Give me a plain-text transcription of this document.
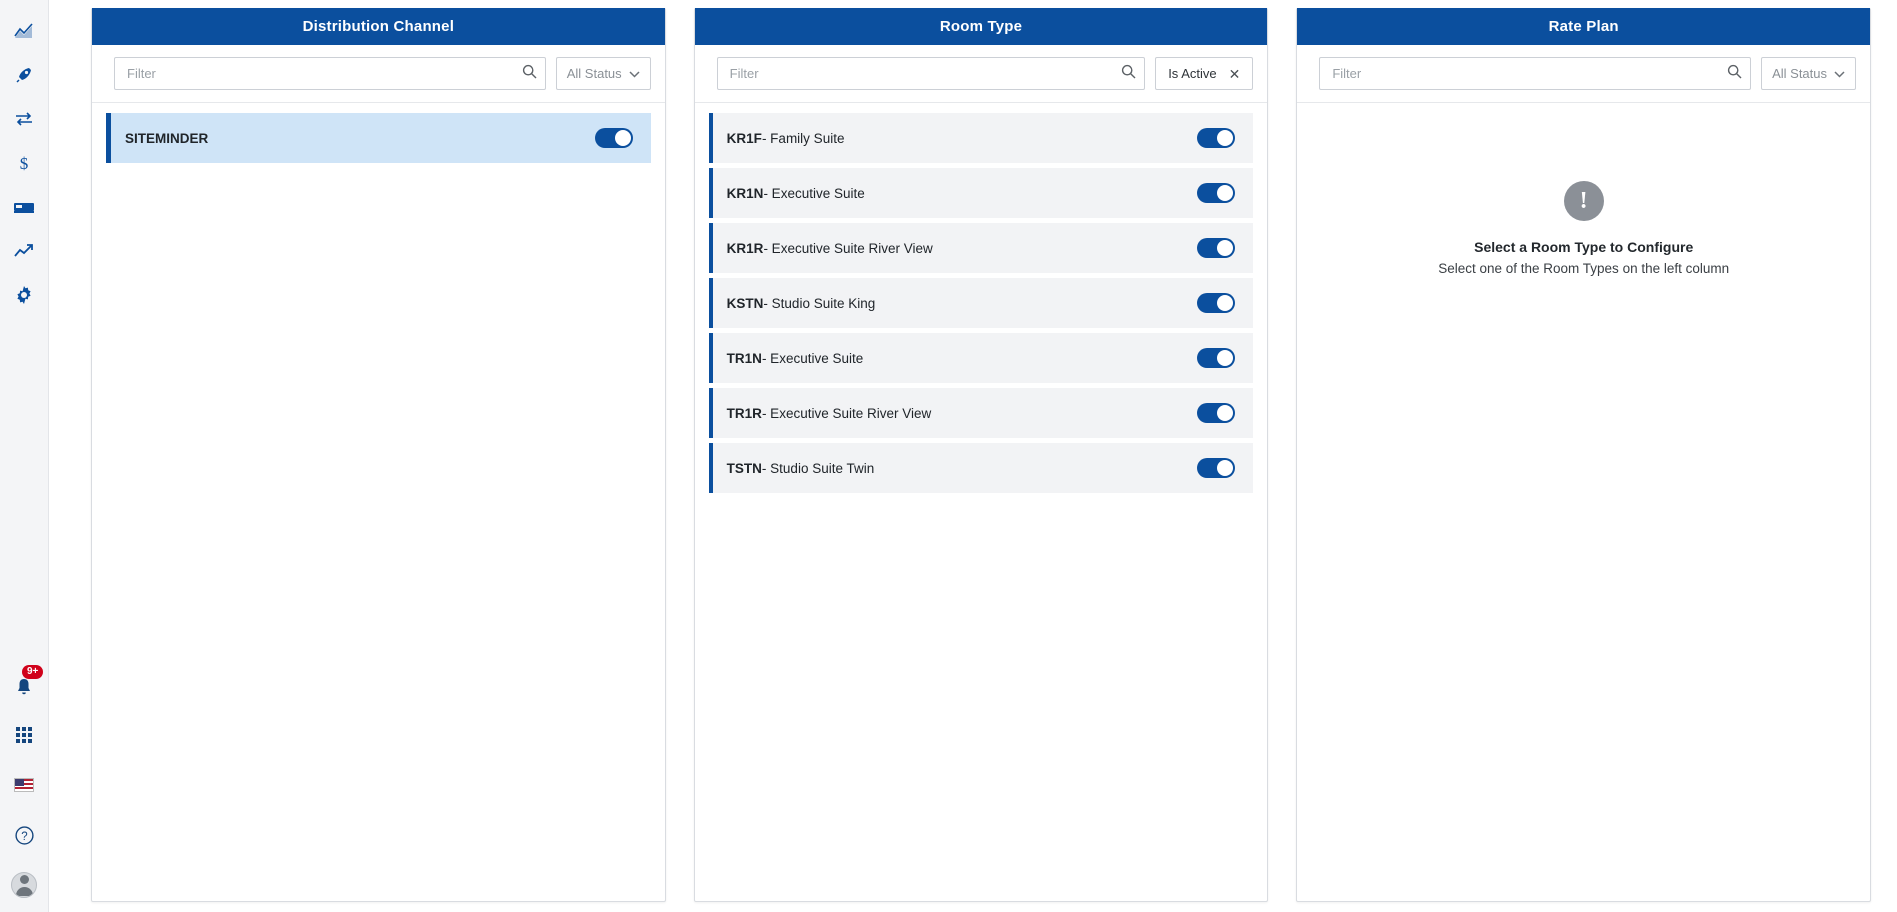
$
9+
?
Distribution Channel
Filter
All Status
SITEMINDER
Room Type
Filter
Is Active ✕
KR1F- Family Suite
KR1N- Executive Suite
KR1R- Executive Suite River View
KSTN- Studio Suite King
TR1N- Executive Suite
TR1R- Executive Suite River View
TSTN- Studio Suite Twin
Rate Plan
Filter
All Status
!
Select a Room Type to Configure
Select one of the Room Types on the left column
